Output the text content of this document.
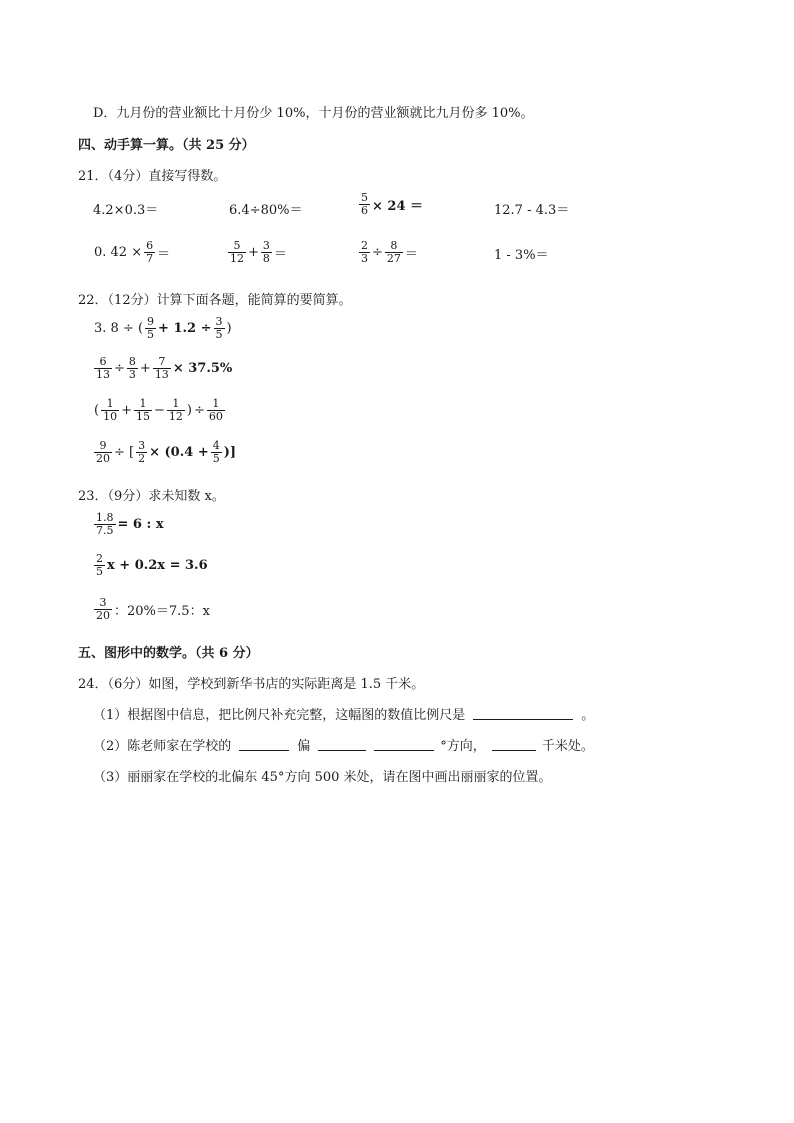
D．九月份的营业额比十月份少 10%，十月份的营业额就比九月份多 10%。
四、动手算一算。（共 25 分）
21．（4分）直接写得数。
4.2×0.3＝	6.4÷80%＝	$\frac{5}{6} \times 24$ ＝	12.7 - 4.3＝
0. $42 \times \frac{6}{7}$ ＝	$\frac{5}{12} + \frac{3}{8}$ ＝	$\frac{2}{3} \div \frac{8}{27}$ ＝	1 - 3%＝
22．（12分）计算下面各题，能简算的要简算。
3. 8 ÷ ( $\frac{9}{5} + 1.2 \div \frac{3}{5}$ )
$\frac{6}{13} \div \frac{8}{3} + \frac{7}{13} \times 37.5\%$
( $\frac{1}{10} + \frac{1}{15} - \frac{1}{12}$ ) ÷ $\frac{1}{60}$
$\frac{9}{20}$ ÷ [ $\frac{3}{2} \times (0.4 + \frac{4}{5}$ )]
23．（9分）求未知数 x。
$\frac{1.8}{7.5} = 6$ : x
$\frac{2}{5}$ x + 0.2x = 3.6
$\frac{3}{20}$ ：20%＝7.5：x
五、图形中的数学。（共 6 分）
24．（6分）如图，学校到新华书店的实际距离是 1.5 千米。
（1）根据图中信息，把比例尺补充完整，这幅图的数值比例尺是	。
（2）陈老师家在学校的	偏	°方向，	千米处。
（3）丽丽家在学校的北偏东 45°方向 500 米处，请在图中画出丽丽家的位置。
